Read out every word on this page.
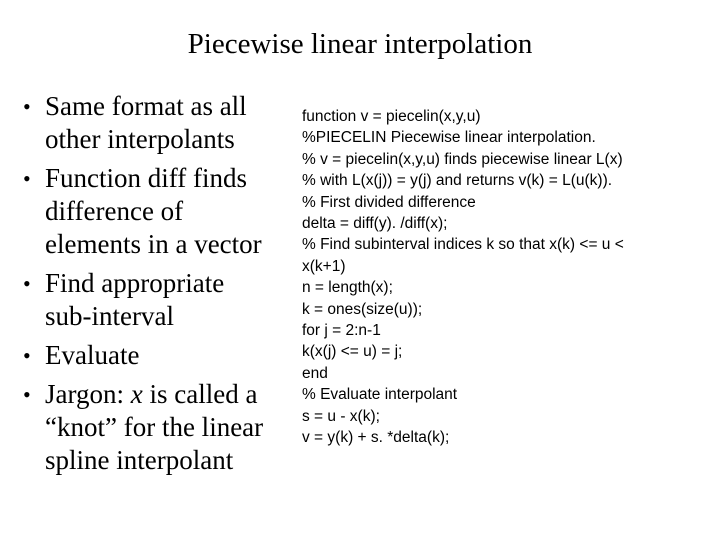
Piecewise linear interpolation
• Same format as all
other interpolants
• Function diff finds
difference of
elements in a vector
• Find appropriate
sub-interval
• Evaluate
• Jargon: x is called a
“knot” for the linear
spline interpolant
function v = piecelin(x,y,u)
%PIECELIN Piecewise linear interpolation.
% v = piecelin(x,y,u) finds piecewise linear L(x)
% with L(x(j)) = y(j) and returns v(k) = L(u(k)).
% First divided difference
delta = diff(y). /diff(x);
% Find subinterval indices k so that x(k) <= u <
x(k+1)
n = length(x);
k = ones(size(u));
for j = 2:n-1
k(x(j) <= u) = j;
end
% Evaluate interpolant
s = u - x(k);
v = y(k) + s. *delta(k);
